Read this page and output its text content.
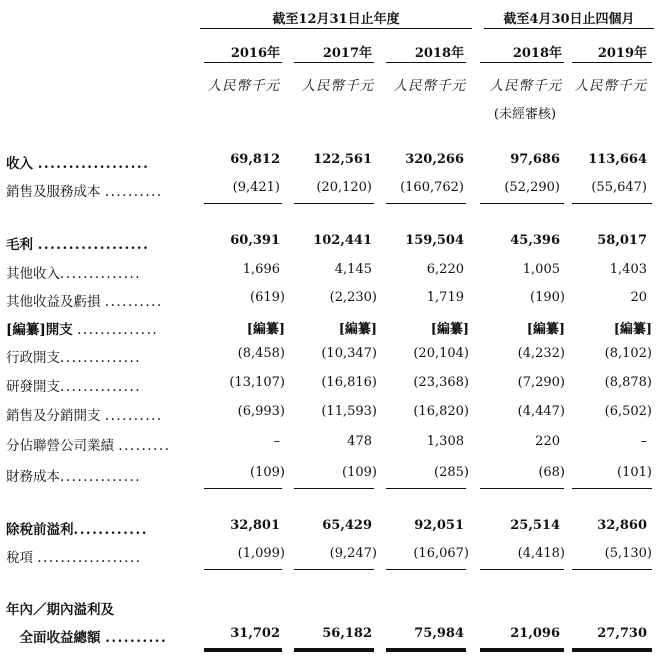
截至12月31日止年度	截至4月30日止四個月
2016年	2017年	2018年	2018年	2019年
人民幣千元 人民幣千元 人民幣千元 人民幣千元 人民幣千元
(未經審核)
收入 ..................	69,812	122,561	320,266	97,686 113,664
銷售及服務成本 ..........	(9,421)	(20,120) (160,762)	(52,290) (55,647)
毛利 ..................	60,391	102,441	159,504	45,396	58,017
其他收入..............	1,696	4,145	6,220	1,005	1,403
其他收益及虧損 ..........	(619)	(2,230)	1,719	(190)	20
[編纂]開支 ..............	[編纂]	[編纂]	[編纂]	[編纂]	[編纂]
行政開支..............	(8,458)	(10,347)	(20,104)	(4,232)	(8,102)
研發開支..............	(13,107)	(16,816)	(23,368)	(7,290)	(8,878)
銷售及分銷開支 ..........	(6,993)	(11,593)	(16,820)	(4,447)	(6,502)
分佔聯營公司業績 .........	–	478	1,308	220	–
財務成本..............	(109)	(109)	(285)	(68)	(101)
除稅前溢利............	32,801	65,429	92,051	25,514	32,860
稅項 ..................	(1,099)	(9,247)	(16,067)	(4,418)	(5,130)
年內／期內溢利及
　全面收益總額 ..........	31,702	56,182	75,984	21,096	27,730
